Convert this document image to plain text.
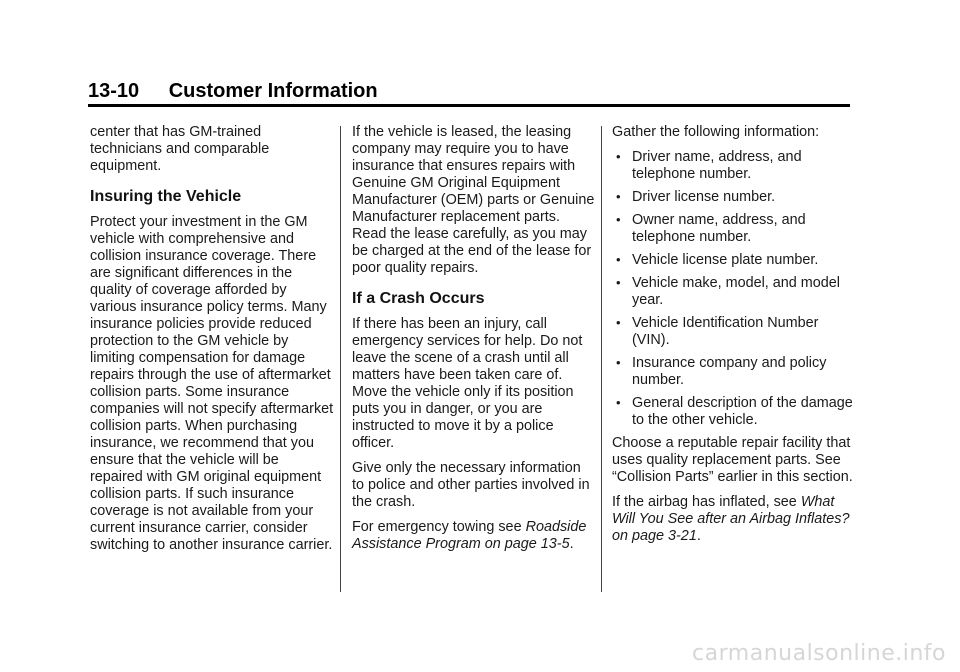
13-10 Customer Information

center that has GM-trained technicians and comparable equipment.

Insuring the Vehicle

Protect your investment in the GM vehicle with comprehensive and collision insurance coverage. There are significant differences in the quality of coverage afforded by various insurance policy terms. Many insurance policies provide reduced protection to the GM vehicle by limiting compensation for damage repairs through the use of aftermarket collision parts. Some insurance companies will not specify aftermarket collision parts. When purchasing insurance, we recommend that you ensure that the vehicle will be repaired with GM original equipment collision parts. If such insurance coverage is not available from your current insurance carrier, consider switching to another insurance carrier.

If the vehicle is leased, the leasing company may require you to have insurance that ensures repairs with Genuine GM Original Equipment Manufacturer (OEM) parts or Genuine Manufacturer replacement parts. Read the lease carefully, as you may be charged at the end of the lease for poor quality repairs.

If a Crash Occurs

If there has been an injury, call emergency services for help. Do not leave the scene of a crash until all matters have been taken care of. Move the vehicle only if its position puts you in danger, or you are instructed to move it by a police officer.

Give only the necessary information to police and other parties involved in the crash.

For emergency towing see Roadside Assistance Program on page 13-5.

Gather the following information:

• Driver name, address, and telephone number.
• Driver license number.
• Owner name, address, and telephone number.
• Vehicle license plate number.
• Vehicle make, model, and model year.
• Vehicle Identification Number (VIN).
• Insurance company and policy number.
• General description of the damage to the other vehicle.

Choose a reputable repair facility that uses quality replacement parts. See “Collision Parts” earlier in this section.

If the airbag has inflated, see What Will You See after an Airbag Inflates? on page 3-21.

carmanualsonline.info
